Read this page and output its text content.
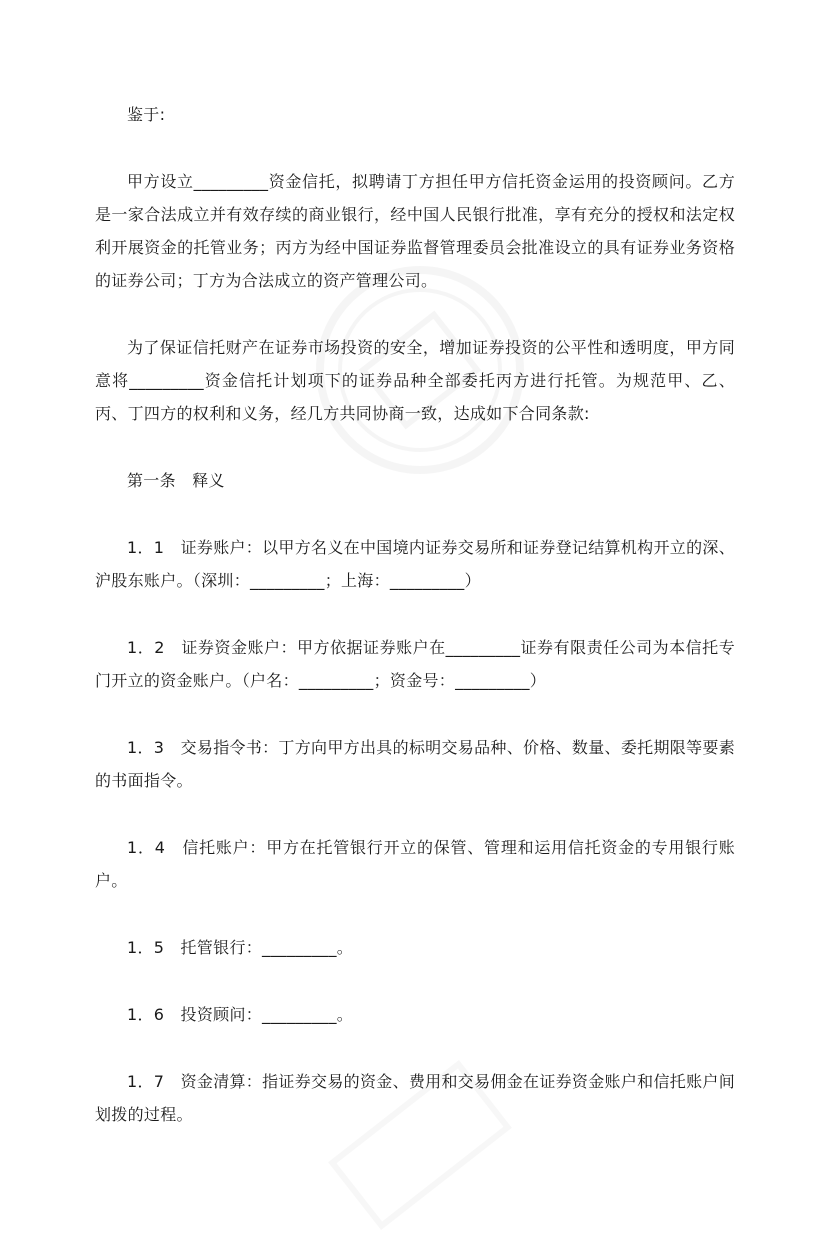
鉴于:

甲方设立_________资金信托，拟聘请丁方担任甲方信托资金运用的投资顾问。乙方是一家合法成立并有效存续的商业银行，经中国人民银行批准，享有充分的授权和法定权利开展资金的托管业务；丙方为经中国证券监督管理委员会批准设立的具有证券业务资格的证券公司；丁方为合法成立的资产管理公司。

为了保证信托财产在证券市场投资的安全，增加证券投资的公平性和透明度，甲方同意将_________资金信托计划项下的证券品种全部委托丙方进行托管。为规范甲、乙、丙、丁四方的权利和义务，经几方共同协商一致，达成如下合同条款:

第一条　释义

1．1　证券账户：以甲方名义在中国境内证券交易所和证券登记结算机构开立的深、沪股东账户。（深圳：_________；上海：_________）

1．2　证券资金账户：甲方依据证券账户在_________证券有限责任公司为本信托专门开立的资金账户。（户名：_________；资金号：_________）

1．3　交易指令书：丁方向甲方出具的标明交易品种、价格、数量、委托期限等要素的书面指令。

1．4　信托账户：甲方在托管银行开立的保管、管理和运用信托资金的专用银行账户。

1．5　托管银行：_________。

1．6　投资顾问：_________。

1．7　资金清算：指证券交易的资金、费用和交易佣金在证券资金账户和信托账户间划拨的过程。
